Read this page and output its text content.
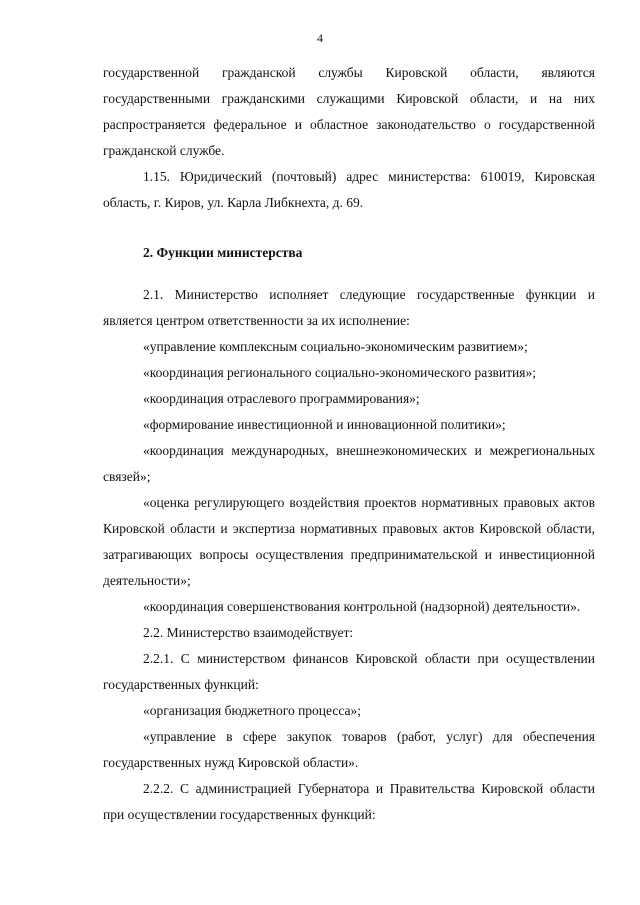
4

государственной гражданской службы Кировской области, являются государственными гражданскими служащими Кировской области, и на них распространяется федеральное и областное законодательство о государственной гражданской службе.

1.15. Юридический (почтовый) адрес министерства: 610019, Кировская область, г. Киров, ул. Карла Либкнехта, д. 69.

2. Функции министерства

2.1. Министерство исполняет следующие государственные функции и является центром ответственности за их исполнение:

«управление комплексным социально-экономическим развитием»;

«координация регионального социально-экономического развития»;

«координация отраслевого программирования»;

«формирование инвестиционной и инновационной политики»;

«координация международных, внешнеэкономических и межрегиональных связей»;

«оценка регулирующего воздействия проектов нормативных правовых актов Кировской области и экспертиза нормативных правовых актов Кировской области, затрагивающих вопросы осуществления предпринимательской и инвестиционной деятельности»;

«координация совершенствования контрольной (надзорной) деятельности».

2.2. Министерство взаимодействует:

2.2.1. С министерством финансов Кировской области при осуществлении государственных функций:

«организация бюджетного процесса»;

«управление в сфере закупок товаров (работ, услуг) для обеспечения государственных нужд Кировской области».

2.2.2. С администрацией Губернатора и Правительства Кировской области при осуществлении государственных функций:
